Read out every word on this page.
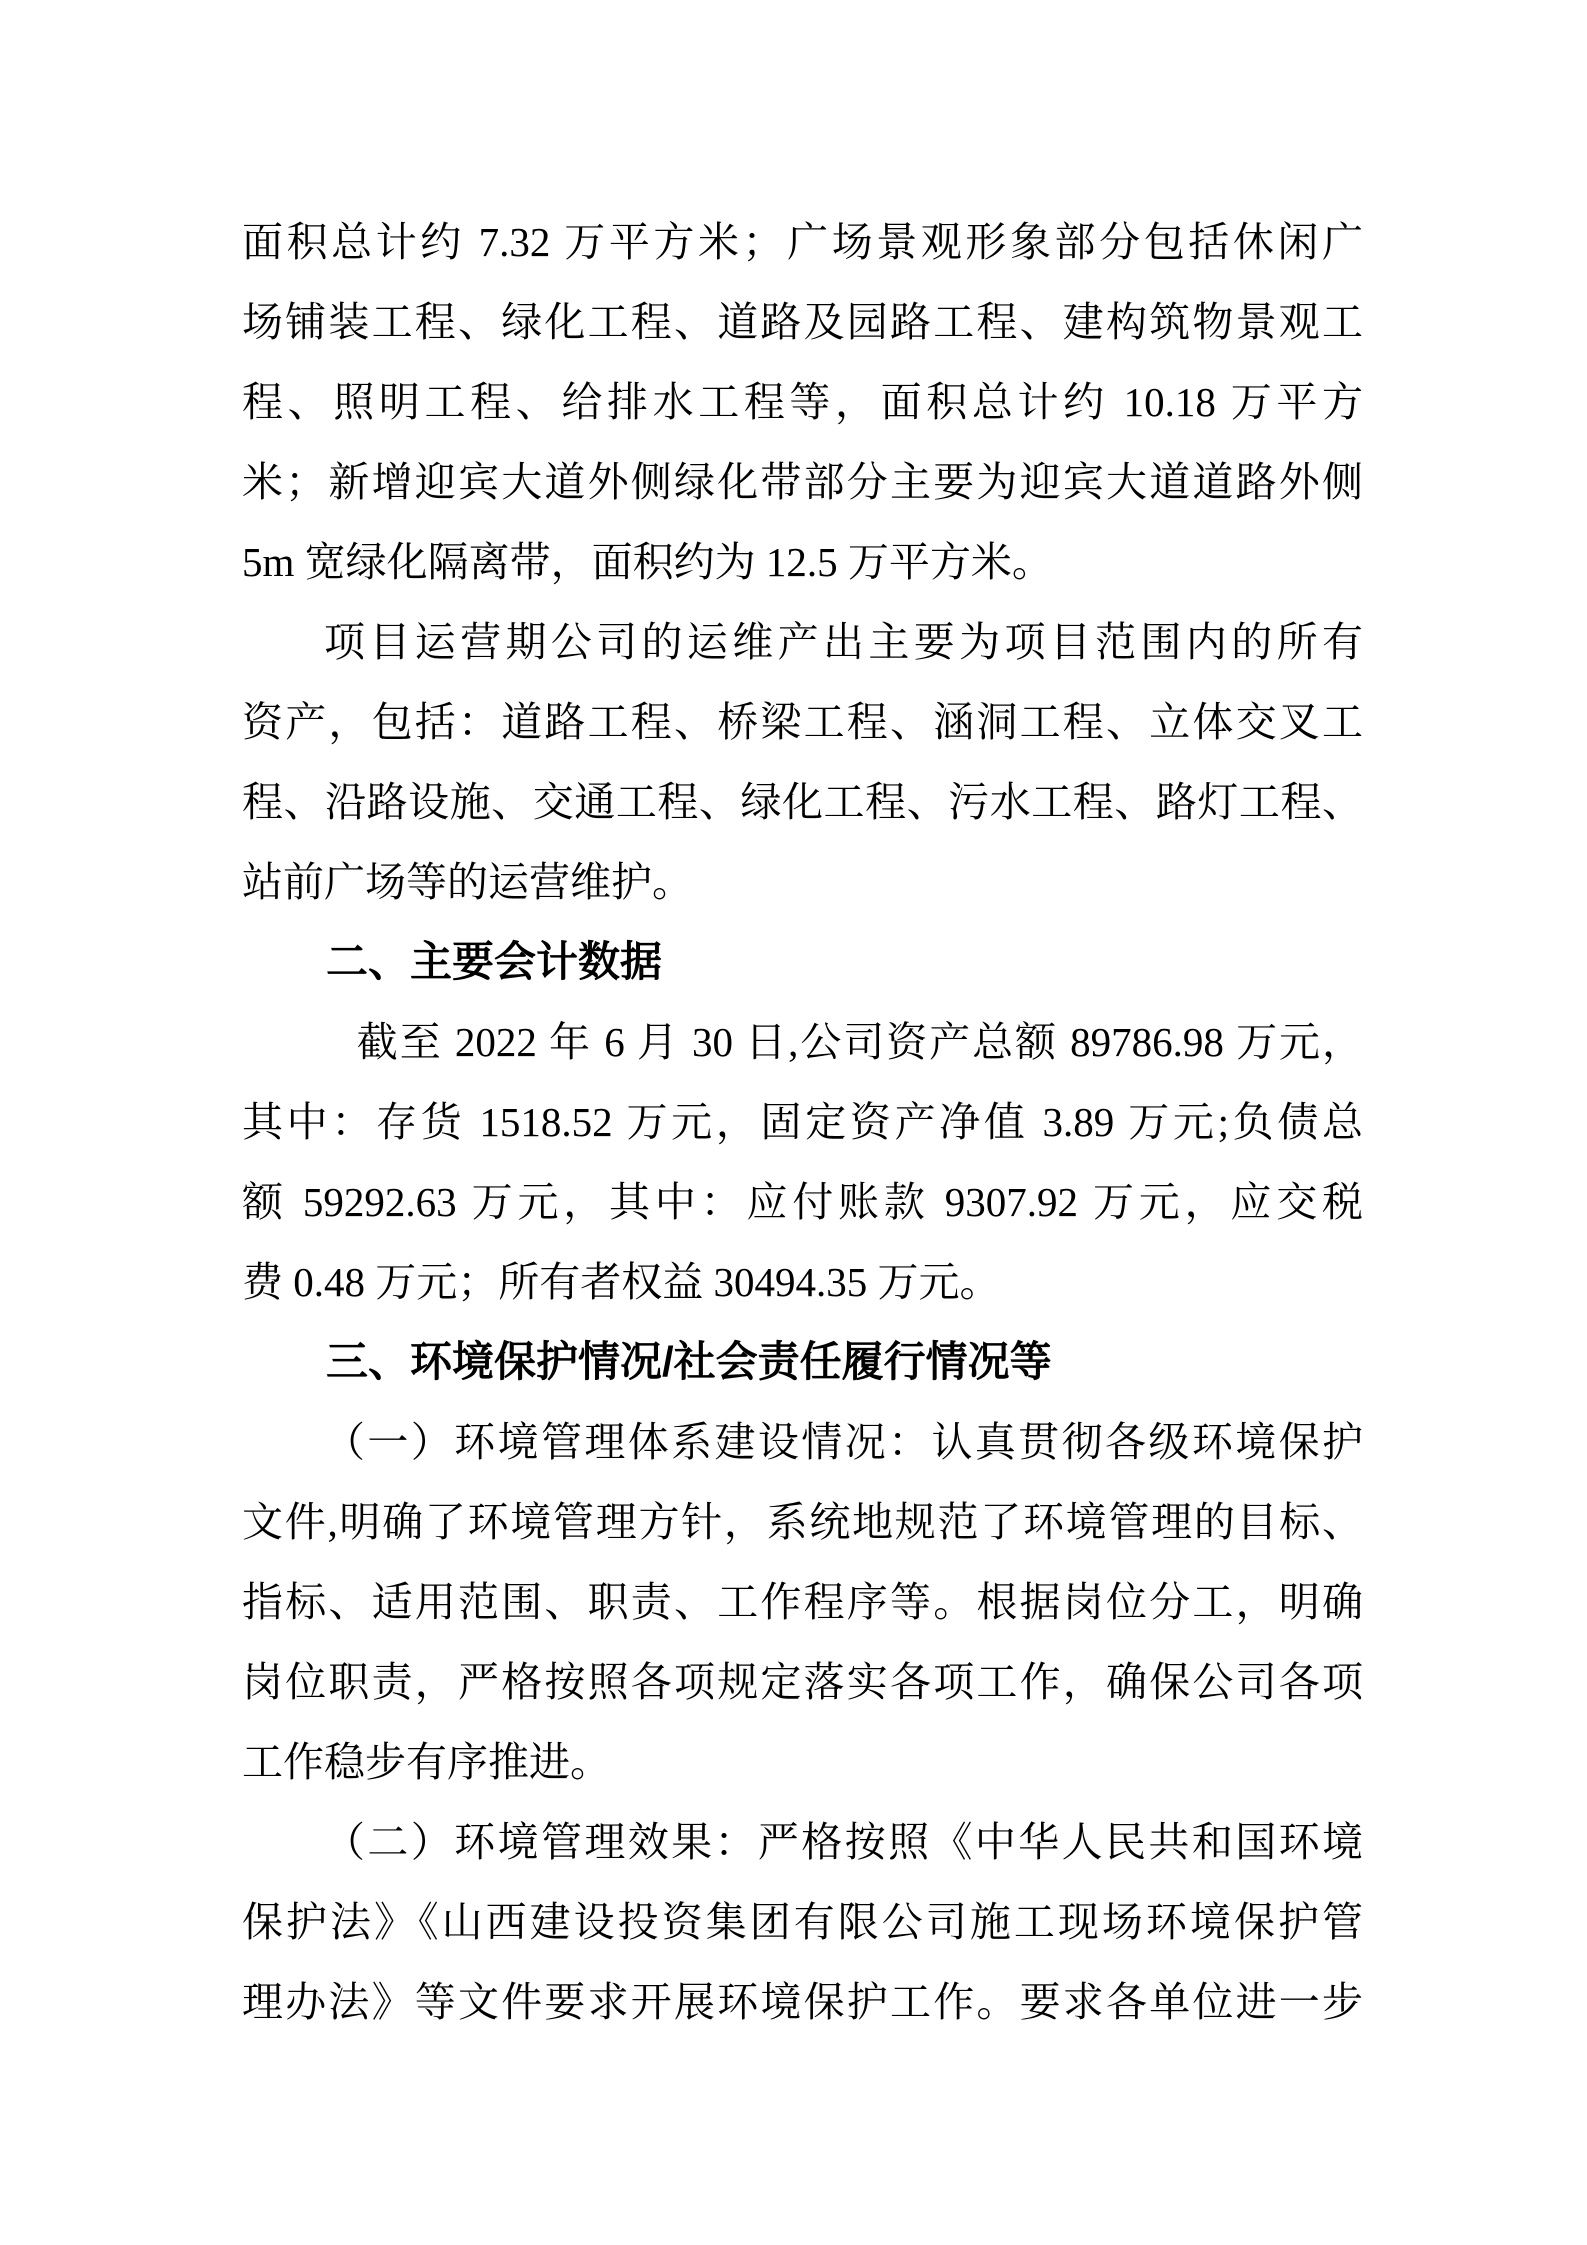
面积总计约 7.32 万平方米；广场景观形象部分包括休闲广
场铺装工程、绿化工程、道路及园路工程、建构筑物景观工
程、照明工程、给排水工程等，面积总计约 10.18 万平方
米；新增迎宾大道外侧绿化带部分主要为迎宾大道道路外侧
5m 宽绿化隔离带，面积约为 12.5 万平方米。
项目运营期公司的运维产出主要为项目范围内的所有
资产，包括：道路工程、桥梁工程、涵洞工程、立体交叉工
程、沿路设施、交通工程、绿化工程、污水工程、路灯工程、
站前广场等的运营维护。
二、主要会计数据
截至 2022 年 6 月 30 日,公司资产总额 89786.98 万元，
其中：存货 1518.52 万元，固定资产净值 3.89 万元;负债总
额 59292.63 万元，其中：应付账款 9307.92 万元，应交税
费 0.48 万元；所有者权益 30494.35 万元。
三、环境保护情况/社会责任履行情况等
（一）环境管理体系建设情况：认真贯彻各级环境保护
文件,明确了环境管理方针，系统地规范了环境管理的目标、
指标、适用范围、职责、工作程序等。根据岗位分工，明确
岗位职责，严格按照各项规定落实各项工作，确保公司各项
工作稳步有序推进。
（二）环境管理效果：严格按照《中华人民共和国环境
保护法》《山西建设投资集团有限公司施工现场环境保护管
理办法》等文件要求开展环境保护工作。要求各单位进一步
